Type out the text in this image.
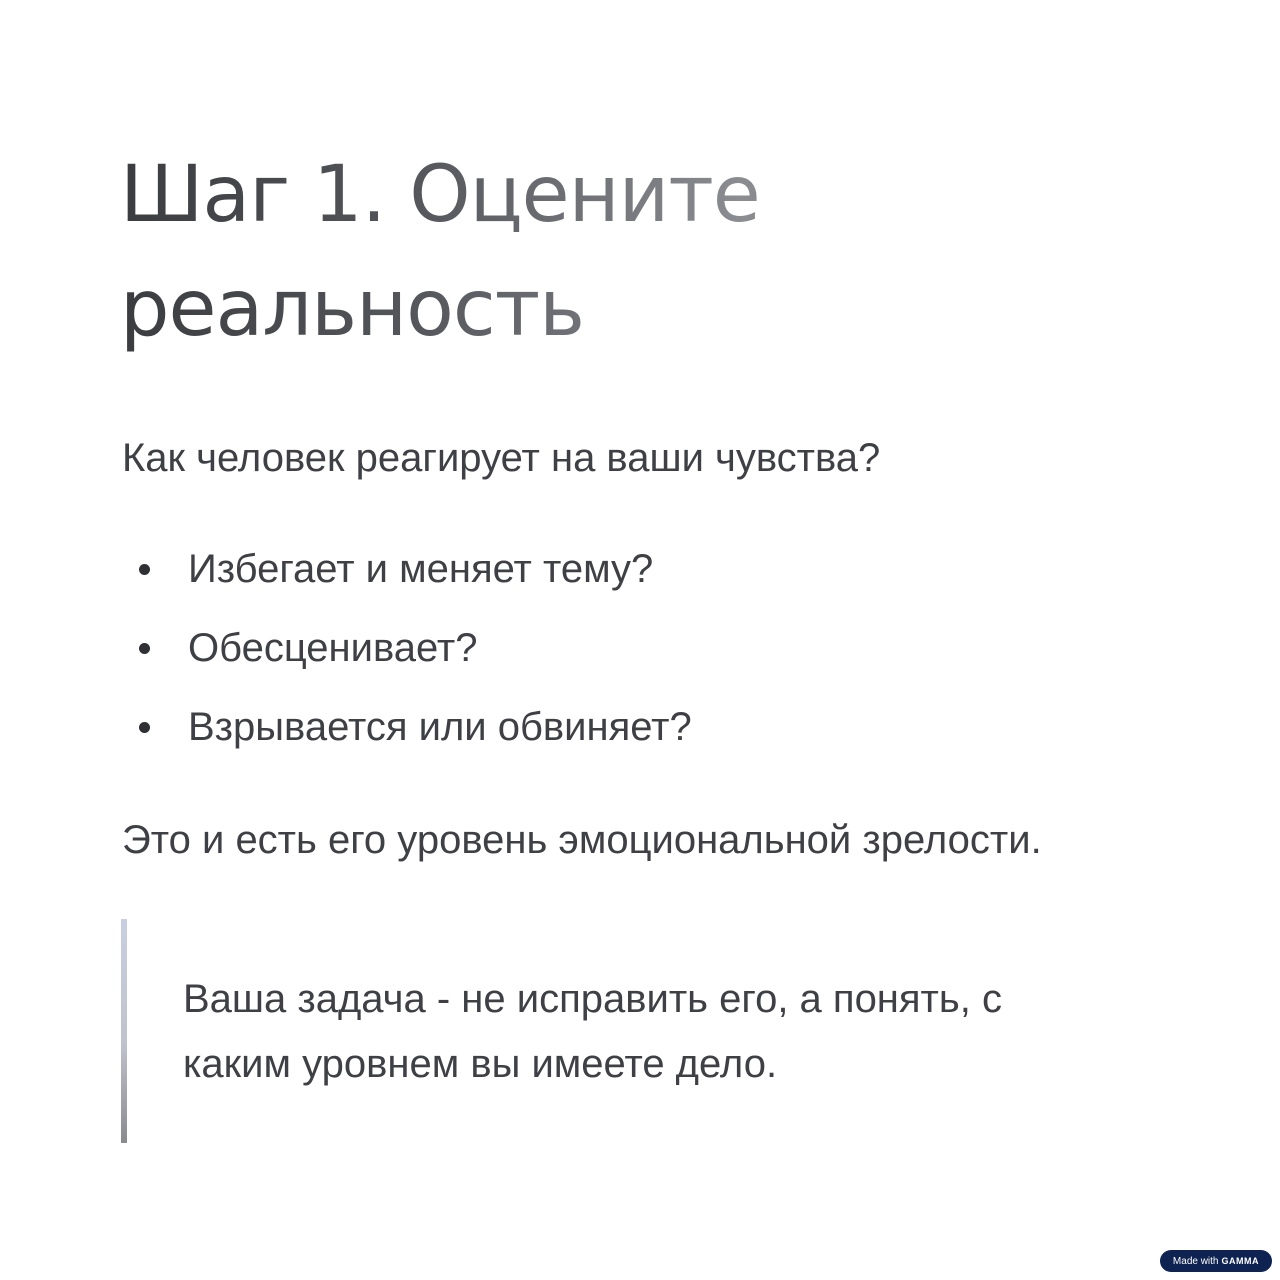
Шаг 1. Оцените
реальность

Как человек реагирует на ваши чувства?

Избегает и меняет тему?
Обесценивает?
Взрывается или обвиняет?

Это и есть его уровень эмоциональной зрелости.

Ваша задача - не исправить его, а понять, с
каким уровнем вы имеете дело.

Made with GAMMA
